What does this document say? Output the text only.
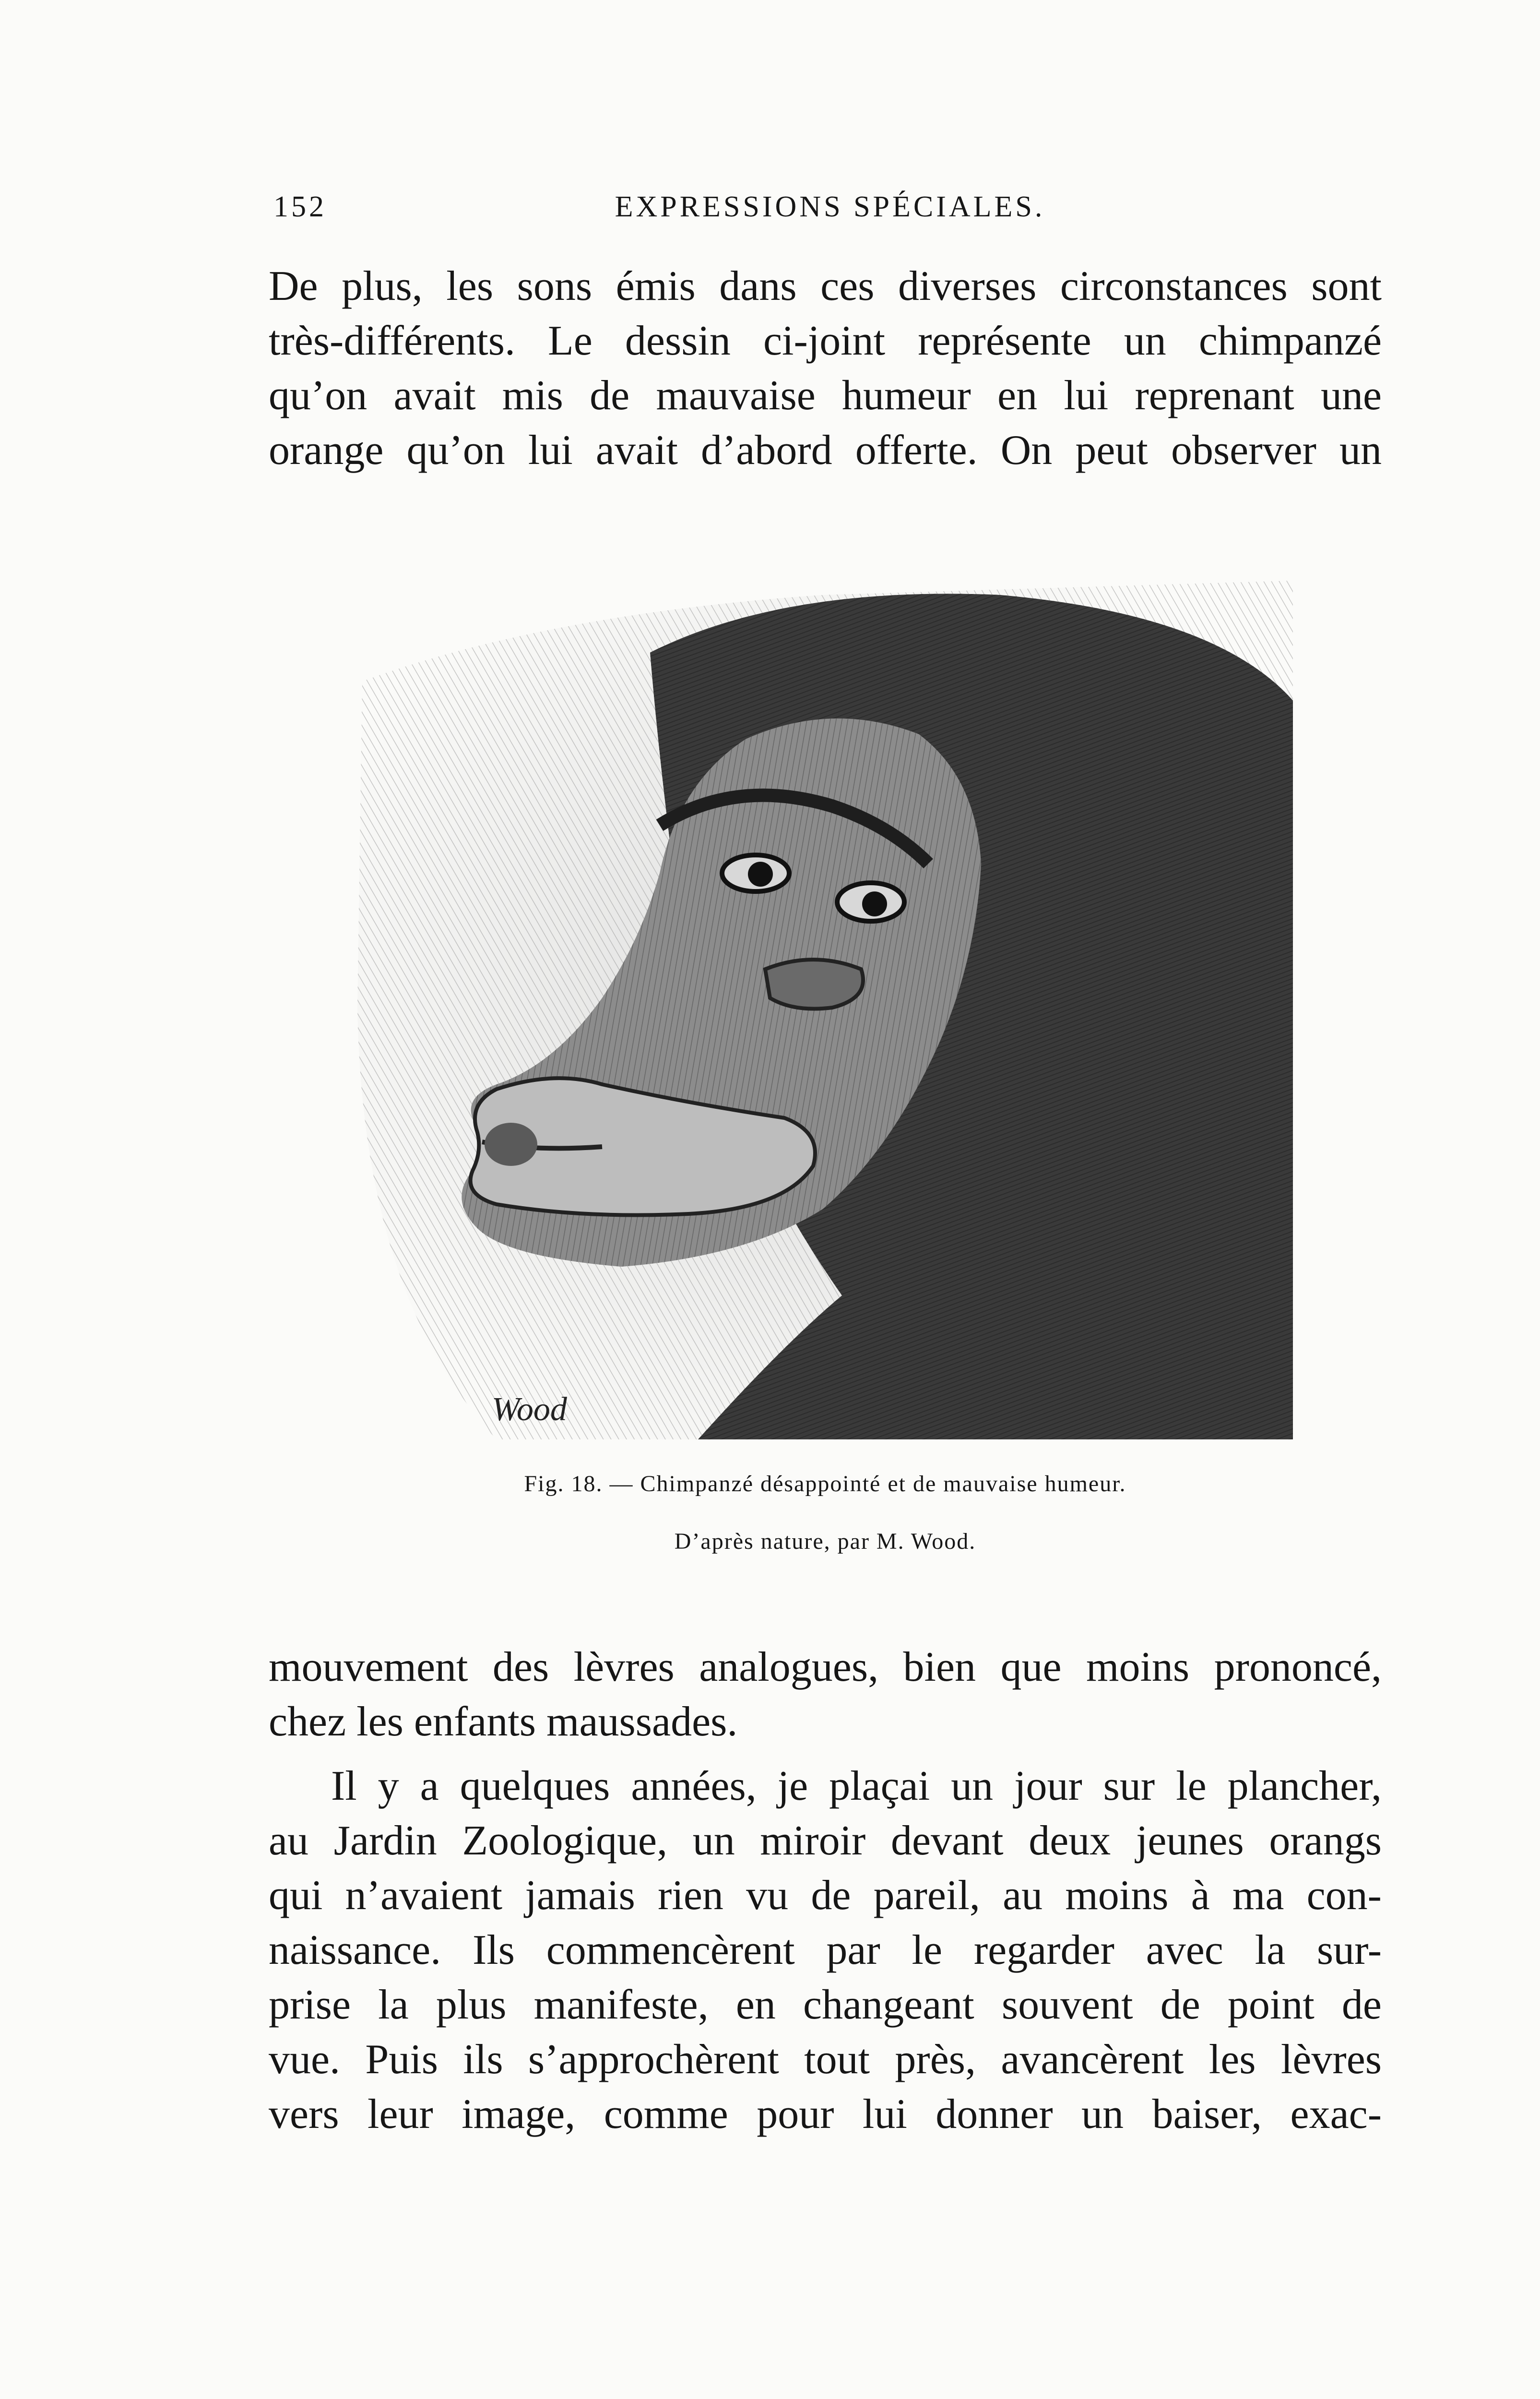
152	EXPRESSIONS SPÉCIALES.

De plus, les sons émis dans ces diverses circonstances sont
très-différents. Le dessin ci-joint représente un chimpanzé
qu’on avait mis de mauvaise humeur en lui reprenant une
orange qu’on lui avait d’abord offerte. On peut observer un

Wood
Fig. 18. — Chimpanzé désappointé et de mauvaise humeur.
D’après nature, par M. Wood.

mouvement des lèvres analogues, bien que moins prononcé,
chez les enfants maussades.

Il y a quelques années, je plaçai un jour sur le plancher,
au Jardin Zoologique, un miroir devant deux jeunes orangs
qui n’avaient jamais rien vu de pareil, au moins à ma con-
naissance. Ils commencèrent par le regarder avec la sur-
prise la plus manifeste, en changeant souvent de point de
vue. Puis ils s’approchèrent tout près, avancèrent les lèvres
vers leur image, comme pour lui donner un baiser, exac-
